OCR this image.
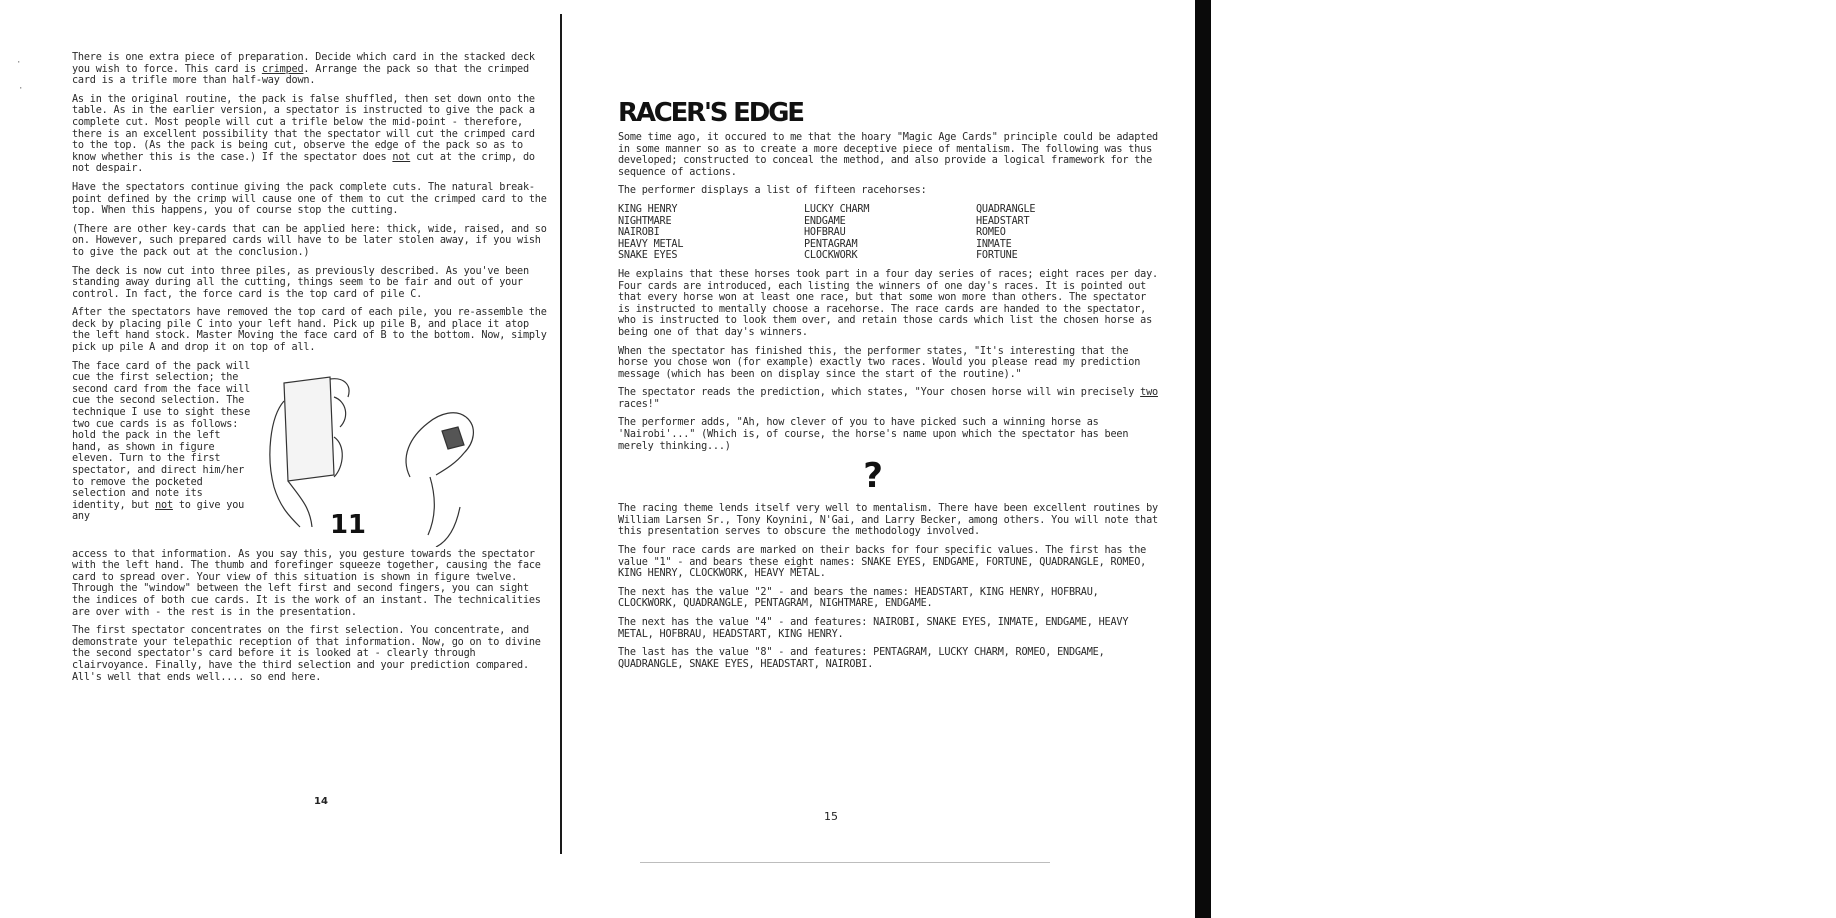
There is one extra piece of preparation. Decide which card in the stacked deck you wish to force. This card is crimped. Arrange the pack so that the crimped card is a trifle more than half-way down.

As in the original routine, the pack is false shuffled, then set down onto the table. As in the earlier version, a spectator is instructed to give the pack a complete cut. Most people will cut a trifle below the mid-point - therefore, there is an excellent possibility that the spectator will cut the crimped card to the top. (As the pack is being cut, observe the edge of the pack so as to know whether this is the case.) If the spectator does not cut at the crimp, do not despair.

Have the spectators continue giving the pack complete cuts. The natural break-point defined by the crimp will cause one of them to cut the crimped card to the top. When this happens, you of course stop the cutting.

(There are other key-cards that can be applied here: thick, wide, raised, and so on. However, such prepared cards will have to be later stolen away, if you wish to give the pack out at the conclusion.)

The deck is now cut into three piles, as previously described. As you've been standing away during all the cutting, things seem to be fair and out of your control. In fact, the force card is the top card of pile C.

After the spectators have removed the top card of each pile, you re-assemble the deck by placing pile C into your left hand. Pick up pile B, and place it atop the left hand stock. Master Moving the face card of B to the bottom. Now, simply pick up pile A and drop it on top of all.

The face card of the pack will cue the first selection; the second card from the face will cue the second selection. The technique I use to sight these two cue cards is as follows: hold the pack in the left hand, as shown in figure eleven. Turn to the first spectator, and direct him/her to remove the pocketed selection and note its identity, but not to give you any	11

access to that information. As you say this, you gesture towards the spectator with the left hand. The thumb and forefinger squeeze together, causing the face card to spread over. Your view of this situation is shown in figure twelve. Through the "window" between the left first and second fingers, you can sight the indices of both cue cards. It is the work of an instant. The technicalities are over with - the rest is in the presentation.

The first spectator concentrates on the first selection. You concentrate, and demonstrate your telepathic reception of that information. Now, go on to divine the second spectator's card before it is looked at - clearly through clairvoyance. Finally, have the third selection and your prediction compared. All's well that ends well.... so end here.

14
·
·
RACER'S EDGE

Some time ago, it occured to me that the hoary "Magic Age Cards" principle could be adapted in some manner so as to create a more deceptive piece of mentalism. The following was thus developed; constructed to conceal the method, and also provide a logical framework for the sequence of actions.

The performer displays a list of fifteen racehorses:

KING HENRY	LUCKY CHARM	QUADRANGLE
NIGHTMARE	ENDGAME	HEADSTART
NAIROBI	HOFBRAU	ROMEO
HEAVY METAL	PENTAGRAM	INMATE
SNAKE EYES	CLOCKWORK	FORTUNE

He explains that these horses took part in a four day series of races; eight races per day. Four cards are introduced, each listing the winners of one day's races. It is pointed out that every horse won at least one race, but that some won more than others. The spectator is instructed to mentally choose a racehorse. The race cards are handed to the spectator, who is instructed to look them over, and retain those cards which list the chosen horse as being one of that day's winners.

When the spectator has finished this, the performer states, "It's interesting that the horse you chose won (for example) exactly two races. Would you please read my prediction message (which has been on display since the start of the routine)."

The spectator reads the prediction, which states, "Your chosen horse will win precisely two races!"

The performer adds, "Ah, how clever of you to have picked such a winning horse as 'Nairobi'..." (Which is, of course, the horse's name upon which the spectator has been merely thinking...)

?

The racing theme lends itself very well to mentalism. There have been excellent routines by William Larsen Sr., Tony Koynini, N'Gai, and Larry Becker, among others. You will note that this presentation serves to obscure the methodology involved.

The four race cards are marked on their backs for four specific values. The first has the value "1" - and bears these eight names: SNAKE EYES, ENDGAME, FORTUNE, QUADRANGLE, ROMEO, KING HENRY, CLOCKWORK, HEAVY METAL.

The next has the value "2" - and bears the names: HEADSTART, KING HENRY, HOFBRAU, CLOCKWORK, QUADRANGLE, PENTAGRAM, NIGHTMARE, ENDGAME.

The next has the value "4" - and features: NAIROBI, SNAKE EYES, INMATE, ENDGAME, HEAVY METAL, HOFBRAU, HEADSTART, KING HENRY.

The last has the value "8" - and features: PENTAGRAM, LUCKY CHARM, ROMEO, ENDGAME, QUADRANGLE, SNAKE EYES, HEADSTART, NAIROBI.

15
